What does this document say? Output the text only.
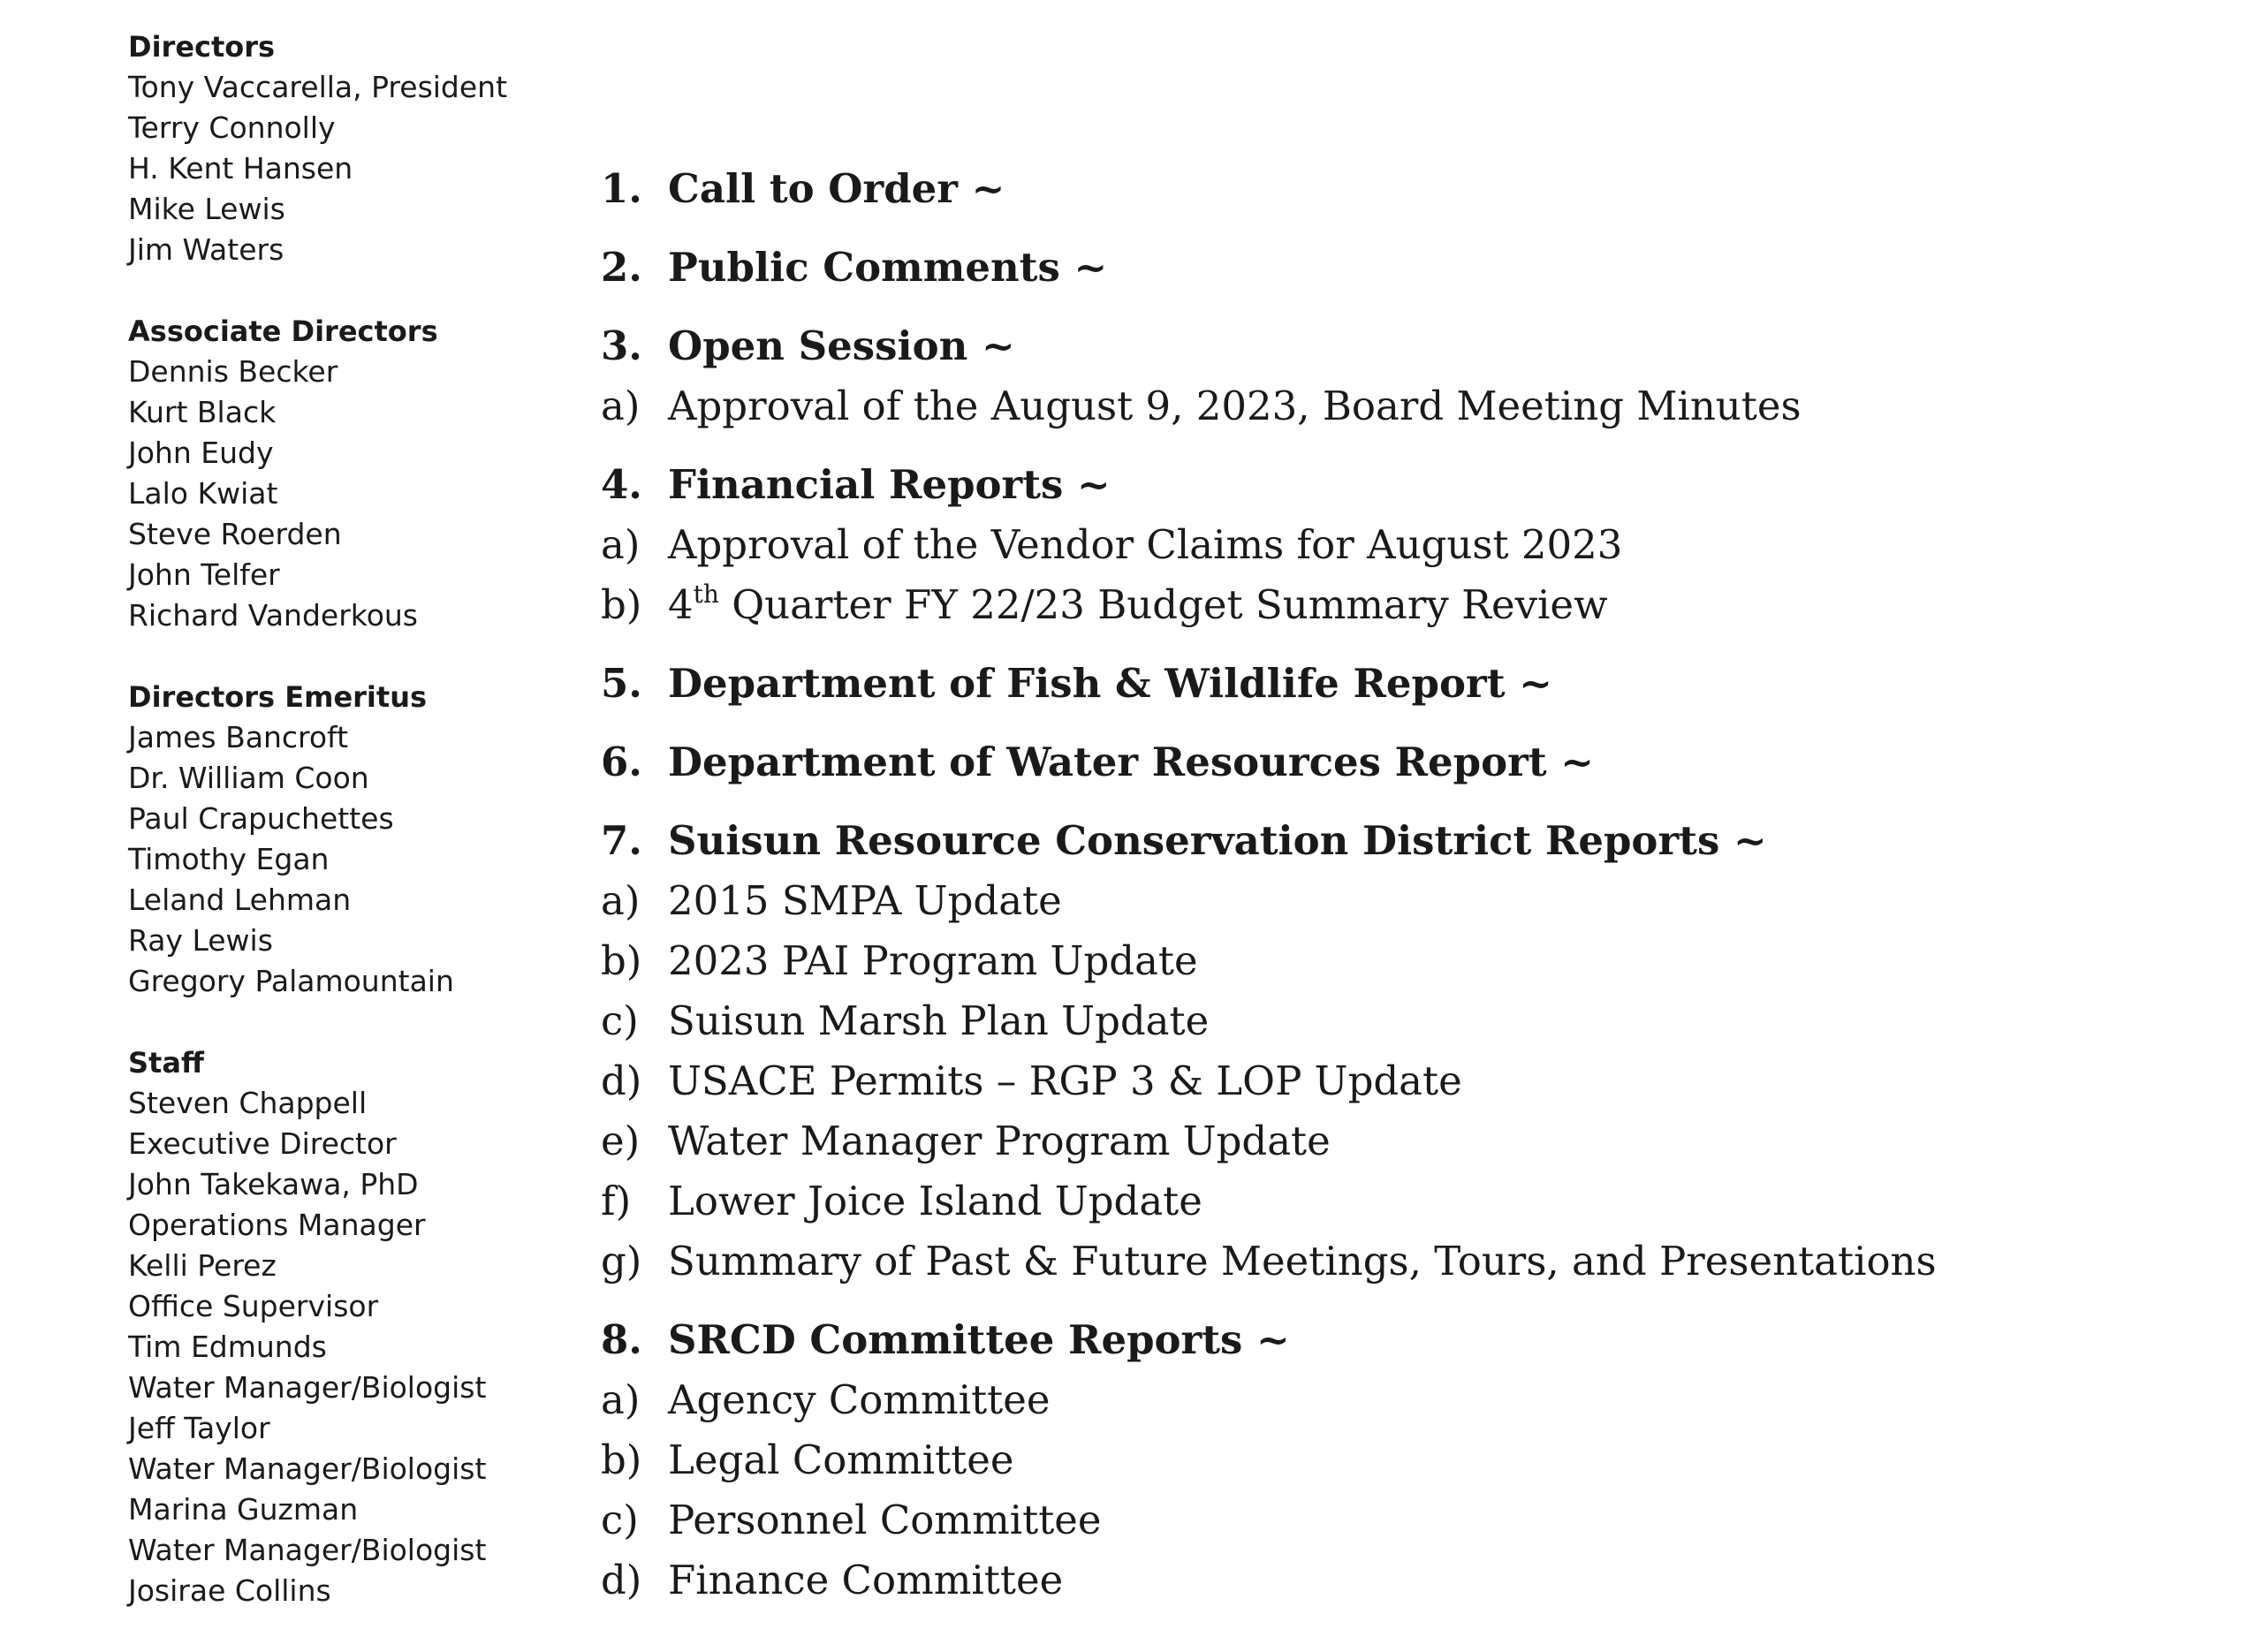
Directors
Tony Vaccarella, President
Terry Connolly
H. Kent Hansen
Mike Lewis
Jim Waters
Associate Directors
Dennis Becker
Kurt Black
John Eudy
Lalo Kwiat
Steve Roerden
John Telfer
Richard Vanderkous
Directors Emeritus
James Bancroft
Dr. William Coon
Paul Crapuchettes
Timothy Egan
Leland Lehman
Ray Lewis
Gregory Palamountain
Staff
Steven Chappell
Executive Director
John Takekawa, PhD
Operations Manager
Kelli Perez
Office Supervisor
Tim Edmunds
Water Manager/Biologist
Jeff Taylor
Water Manager/Biologist
Marina Guzman
Water Manager/Biologist
Josirae Collins
1. Call to Order ~
2. Public Comments ~
3. Open Session ~
a) Approval of the August 9, 2023, Board Meeting Minutes
4. Financial Reports ~
a) Approval of the Vendor Claims for August 2023
b) 4th Quarter FY 22/23 Budget Summary Review
5. Department of Fish & Wildlife Report ~
6. Department of Water Resources Report ~
7. Suisun Resource Conservation District Reports ~
a) 2015 SMPA Update
b) 2023 PAI Program Update
c) Suisun Marsh Plan Update
d) USACE Permits – RGP 3 & LOP Update
e) Water Manager Program Update
f) Lower Joice Island Update
g) Summary of Past & Future Meetings, Tours, and Presentations
8. SRCD Committee Reports ~
a) Agency Committee
b) Legal Committee
c) Personnel Committee
d) Finance Committee
